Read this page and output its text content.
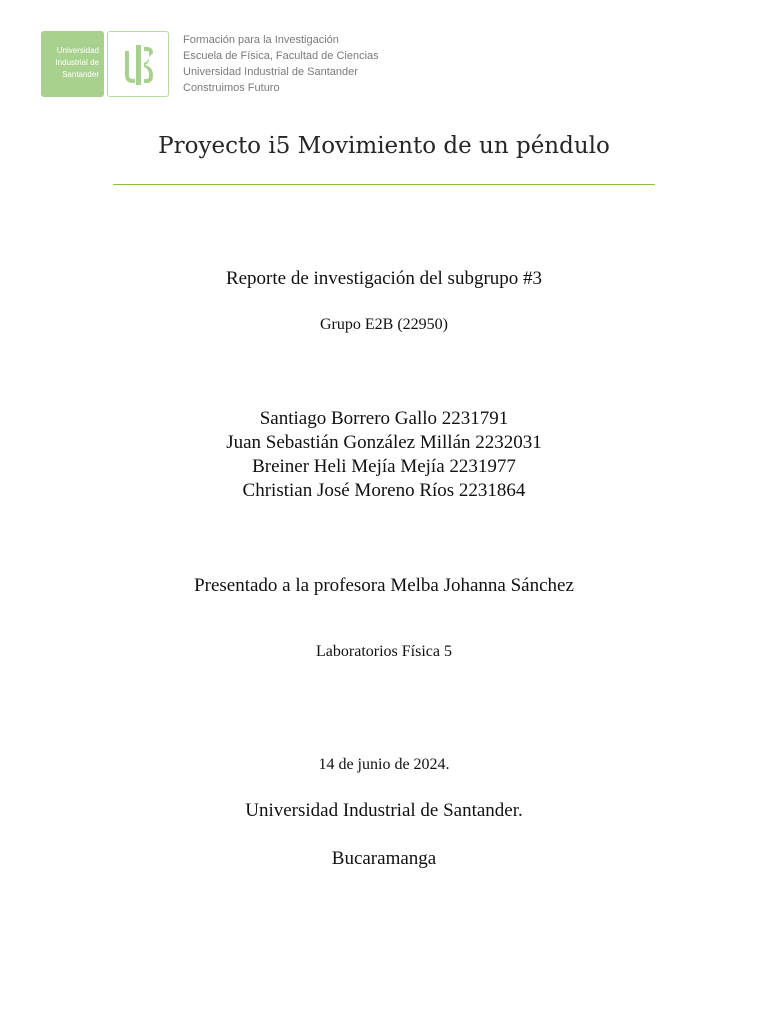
Universidad
Industrial de
Santander
Formación para la Investigación
Escuela de Física, Facultad de Ciencias
Universidad Industrial de Santander
Construimos Futuro
Proyecto i5 Movimiento de un péndulo
Reporte de investigación del subgrupo #3
Grupo E2B (22950)
Santiago Borrero Gallo 2231791
Juan Sebastián González Millán 2232031
Breiner Heli Mejía Mejía 2231977
Christian José Moreno Ríos 2231864
Presentado a la profesora Melba Johanna Sánchez
Laboratorios Física 5
14 de junio de 2024.
Universidad Industrial de Santander.
Bucaramanga
